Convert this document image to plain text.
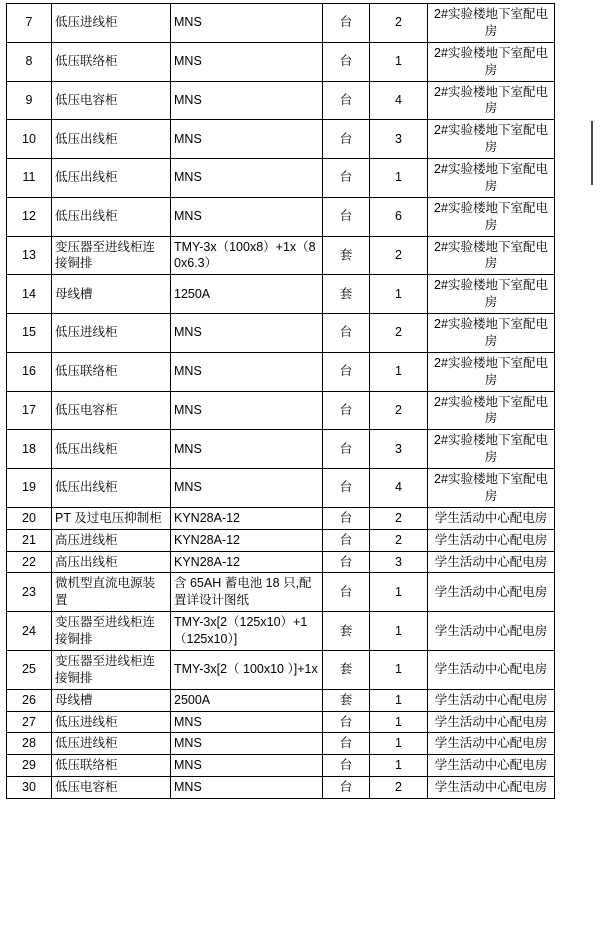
7	低压进线柜	MNS	台	2	2#实验楼地下室配电房
8	低压联络柜	MNS	台	1	2#实验楼地下室配电房
9	低压电容柜	MNS	台	4	2#实验楼地下室配电房
10	低压出线柜	MNS	台	3	2#实验楼地下室配电房
11	低压出线柜	MNS	台	1	2#实验楼地下室配电房
12	低压出线柜	MNS	台	6	2#实验楼地下室配电房
13	变压器至进线柜连接铜排	TMY-3x（100x8）+1x（80x6.3）	套	2	2#实验楼地下室配电房
14	母线槽	1250A	套	1	2#实验楼地下室配电房
15	低压进线柜	MNS	台	2	2#实验楼地下室配电房
16	低压联络柜	MNS	台	1	2#实验楼地下室配电房
17	低压电容柜	MNS	台	2	2#实验楼地下室配电房
18	低压出线柜	MNS	台	3	2#实验楼地下室配电房
19	低压出线柜	MNS	台	4	2#实验楼地下室配电房
20	PT 及过电压抑制柜	KYN28A-12	台	2	学生活动中心配电房
21	高压进线柜	KYN28A-12	台	2	学生活动中心配电房
22	高压出线柜	KYN28A-12	台	3	学生活动中心配电房
23	微机型直流电源装置	含 65AH 蓄电池 18 只,配置详设计图纸	台	1	学生活动中心配电房
24	变压器至进线柜连接铜排	TMY-3x[2（125x10）+1（125x10）]	套	1	学生活动中心配电房
25	变压器至进线柜连接铜排	TMY-3x[2（ 100x10 ）]+1x	套	1	学生活动中心配电房
26	母线槽	2500A	套	1	学生活动中心配电房
27	低压进线柜	MNS	台	1	学生活动中心配电房
28	低压进线柜	MNS	台	1	学生活动中心配电房
29	低压联络柜	MNS	台	1	学生活动中心配电房
30	低压电容柜	MNS	台	2	学生活动中心配电房
